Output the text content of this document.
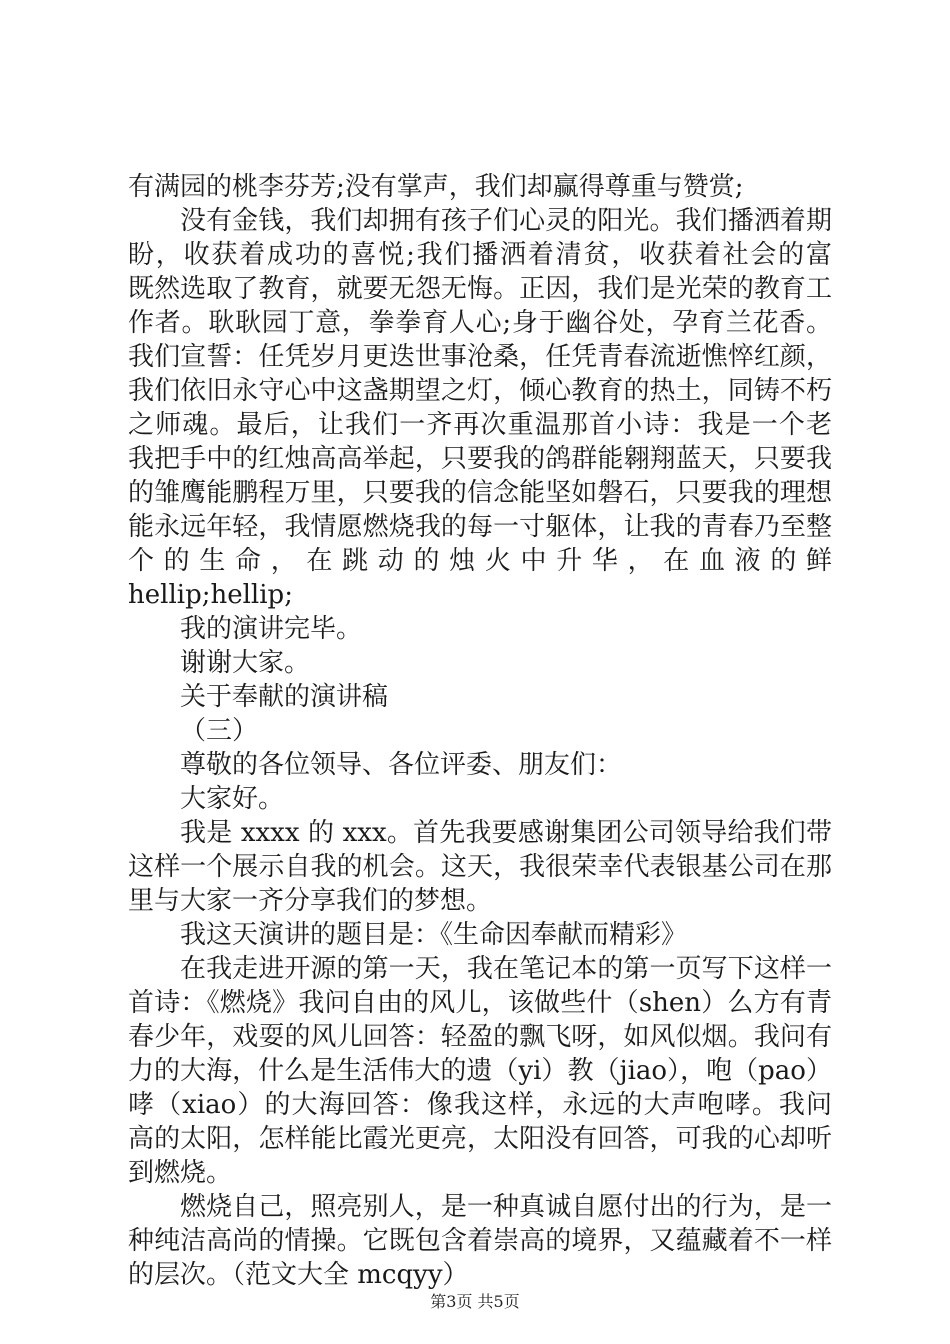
有满园的桃李芬芳;没有掌声，我们却赢得尊重与赞赏;
没有金钱，我们却拥有孩子们心灵的阳光。我们播洒着期
盼，收获着成功的喜悦;我们播洒着清贫，收获着社会的富
既然选取了教育，就要无怨无悔。正因，我们是光荣的教育工
作者。耿耿园丁意，拳拳育人心;身于幽谷处，孕育兰花香。
我们宣誓：任凭岁月更迭世事沧桑，任凭青春流逝憔悴红颜，
我们依旧永守心中这盏期望之灯，倾心教育的热土，同铸不朽
之师魂。最后，让我们一齐再次重温那首小诗：我是一个老
我把手中的红烛高高举起，只要我的鸽群能翱翔蓝天，只要我
的雏鹰能鹏程万里，只要我的信念能坚如磐石，只要我的理想
能永远年轻，我情愿燃烧我的每一寸躯体，让我的青春乃至整
个 的 生 命 ， 在 跳 动 的 烛 火 中 升 华 ， 在 血 液 的 鲜
hellip;hellip;
我的演讲完毕。
谢谢大家。
关于奉献的演讲稿
（三）
尊敬的各位领导、各位评委、朋友们：
大家好。
我是 xxxx 的 xxx。首先我要感谢集团公司领导给我们带
这样一个展示自我的机会。这天，我很荣幸代表银基公司在那
里与大家一齐分享我们的梦想。
我这天演讲的题目是：《生命因奉献而精彩》
在我走进开源的第一天，我在笔记本的第一页写下这样一
首诗：《燃烧》我问自由的风儿，该做些什（shen）么方有青
春少年，戏耍的风儿回答：轻盈的飘飞呀，如风似烟。我问有
力的大海，什么是生活伟大的遗（yi）教（jiao），咆（pao）
哮（xiao）的大海回答：像我这样，永远的大声咆哮。我问
高的太阳，怎样能比霞光更亮，太阳没有回答，可我的心却听
到燃烧。
燃烧自己，照亮别人，是一种真诚自愿付出的行为，是一
种纯洁高尚的情操。它既包含着崇高的境界，又蕴藏着不一样
的层次。（范文大全 mcqyy）
第3页 共5页
